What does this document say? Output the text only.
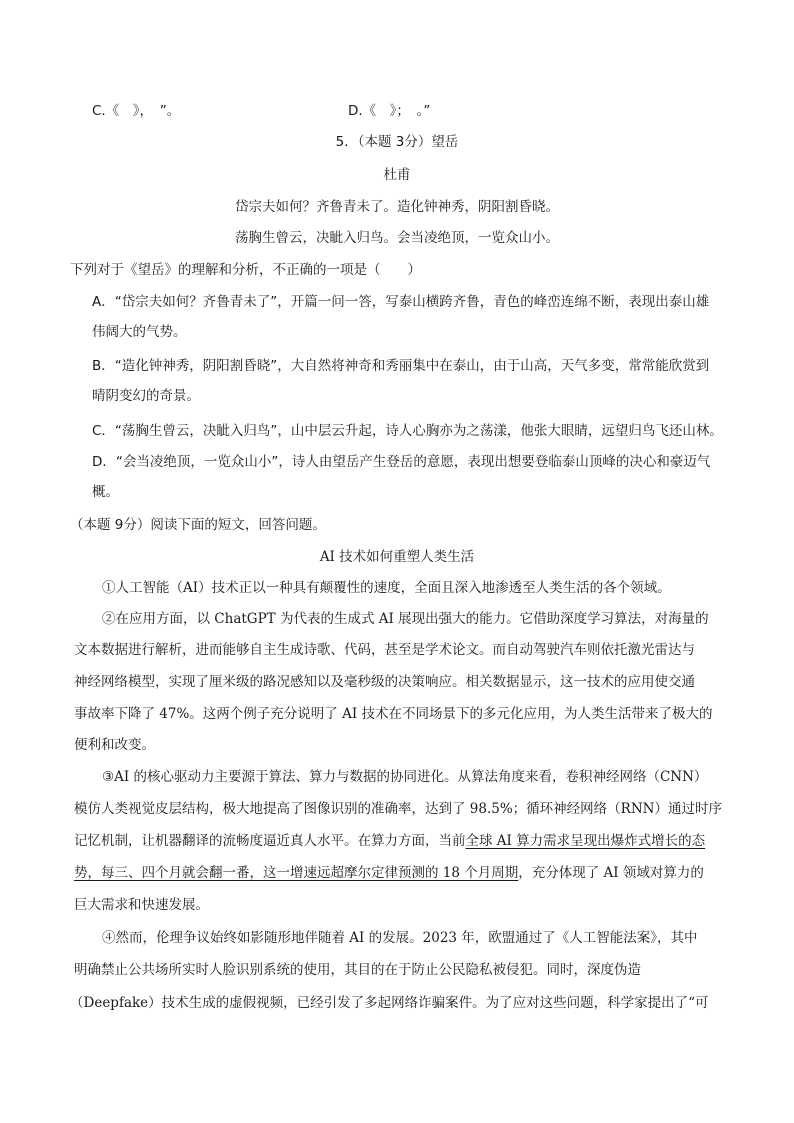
C.《　》，　”。	D.《　》；　。”
5．（本题 3分）望岳
杜甫
岱宗夫如何？齐鲁青未了。造化钟神秀，阴阳割昏晓。
荡胸生曾云，决眦入归鸟。会当凌绝顶，一览众山小。
下列对于《望岳》的理解和分析，不正确的一项是（　　）
A．“岱宗夫如何？齐鲁青未了”，开篇一问一答，写泰山横跨齐鲁，青色的峰峦连绵不断，表现出泰山雄
伟阔大的气势。
B．“造化钟神秀，阴阳割昏晓”，大自然将神奇和秀丽集中在泰山，由于山高，天气多变，常常能欣赏到
晴阴变幻的奇景。
C．“荡胸生曾云，决眦入归鸟”，山中层云升起，诗人心胸亦为之荡漾，他张大眼睛，远望归鸟飞还山林。
D．“会当凌绝顶，一览众山小”，诗人由望岳产生登岳的意愿，表现出想要登临泰山顶峰的决心和豪迈气
概。
（本题 9分）阅读下面的短文，回答问题。
AI 技术如何重塑人类生活
①人工智能（AI）技术正以一种具有颠覆性的速度，全面且深入地渗透至人类生活的各个领域。
②在应用方面，以 ChatGPT 为代表的生成式 AI 展现出强大的能力。它借助深度学习算法，对海量的
文本数据进行解析，进而能够自主生成诗歌、代码，甚至是学术论文。而自动驾驶汽车则依托激光雷达与
神经网络模型，实现了厘米级的路况感知以及毫秒级的决策响应。相关数据显示，这一技术的应用使交通
事故率下降了 47%。这两个例子充分说明了 AI 技术在不同场景下的多元化应用，为人类生活带来了极大的
便利和改变。
③AI 的核心驱动力主要源于算法、算力与数据的协同进化。从算法角度来看，卷积神经网络（CNN）
模仿人类视觉皮层结构，极大地提高了图像识别的准确率，达到了 98.5%；循环神经网络（RNN）通过时序
记忆机制，让机器翻译的流畅度逼近真人水平。在算力方面，当前全球 AI 算力需求呈现出爆炸式增长的态
势，每三、四个月就会翻一番，这一增速远超摩尔定律预测的 18 个月周期，充分体现了 AI 领域对算力的
巨大需求和快速发展。
④然而，伦理争议始终如影随形地伴随着 AI 的发展。2023 年，欧盟通过了《人工智能法案》，其中
明确禁止公共场所实时人脸识别系统的使用，其目的在于防止公民隐私被侵犯。同时，深度伪造
（Deepfake）技术生成的虚假视频，已经引发了多起网络诈骗案件。为了应对这些问题，科学家提出了“可
